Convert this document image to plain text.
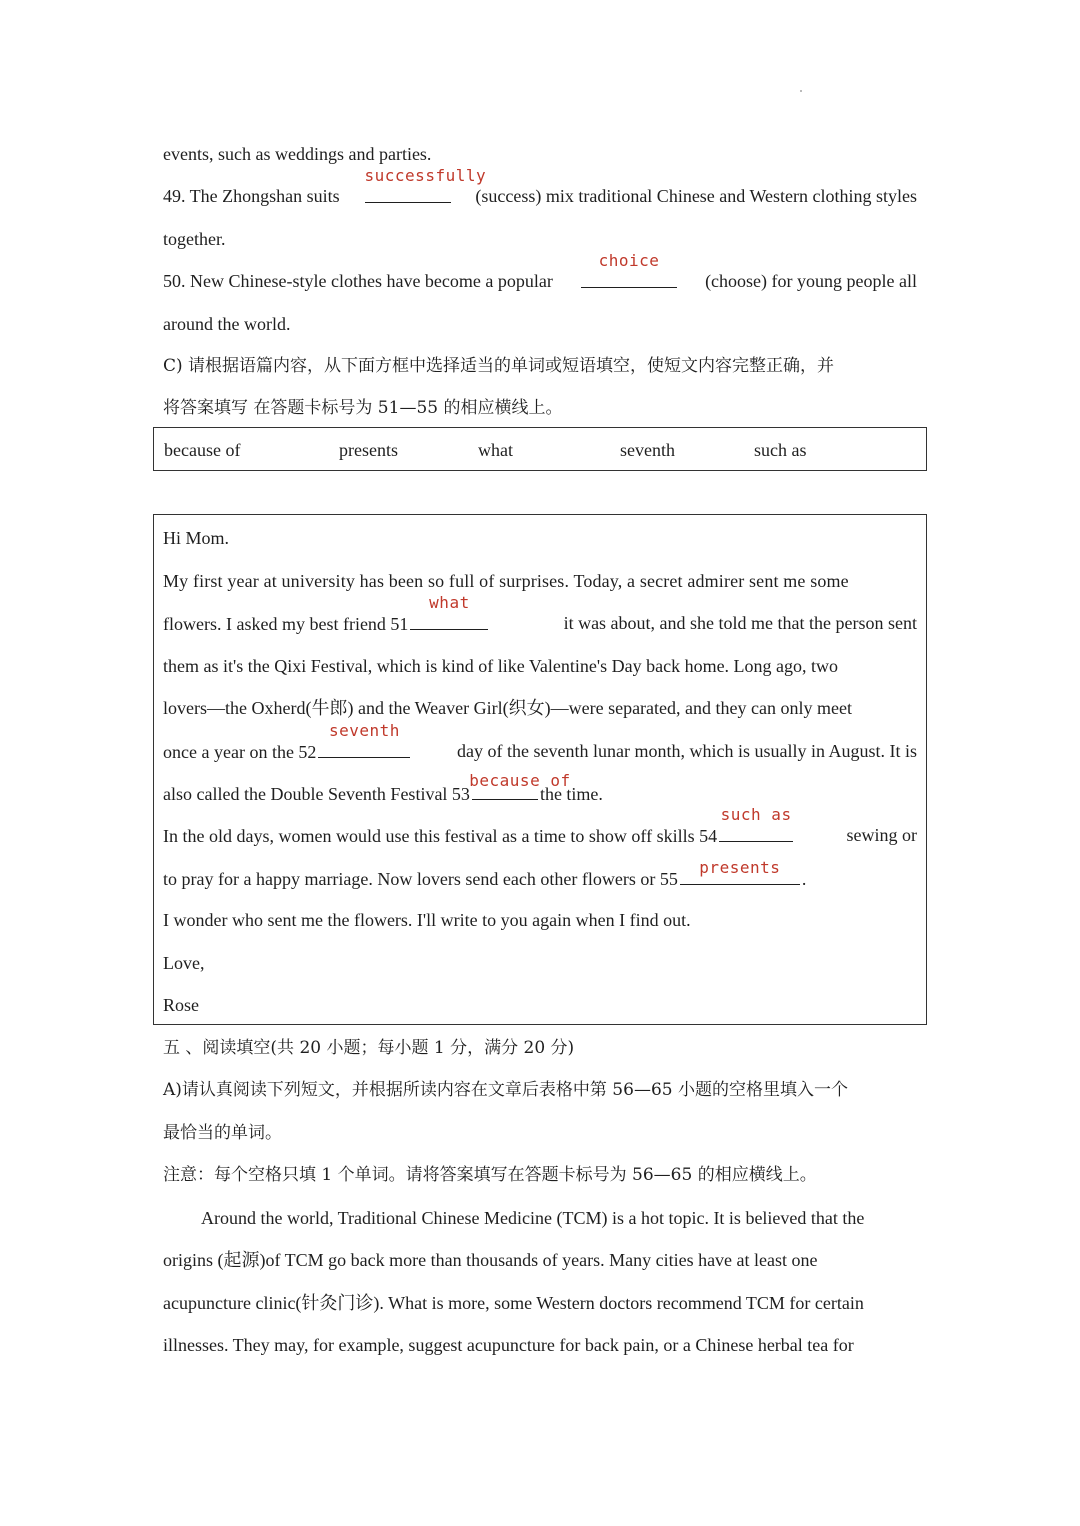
events, such as weddings and parties.
49. The Zhongshan suits
successfully
(success) mix traditional Chinese and Western clothing styles
together.
50. New Chinese-style clothes have become a popular
choice
(choose) for young people all
around the world.
C) 请根据语篇内容，从下面方框中选择适当的单词或短语填空，使短文内容完整正确，并
将答案填写 在答题卡标号为 51—55 的相应横线上。
because of	presents	what	seventh	such as
Hi Mom.
My first year at university has been so full of surprises. Today, a secret admirer sent me some
flowers. I asked my best friend 51
what
it was about, and she told me that the person sent
them as it's the Qixi Festival, which is kind of like Valentine's Day back home. Long ago, two
lovers—the Oxherd(牛郎) and the Weaver Girl(织女)—were separated, and they can only meet
once a year on the 52
seventh
day of the seventh lunar month, which is usually in August. It is
also called the Double Seventh Festival 53
because of
the time.
In the old days, women would use this festival as a time to show off skills 54
such as
sewing or
to pray for a happy marriage. Now lovers send each other flowers or 55
presents
.
I wonder who sent me the flowers. I'll write to you again when I find out.
Love,
Rose
五 、阅读填空(共 20 小题；每小题 1 分，满分 20 分)
A)请认真阅读下列短文，并根据所读内容在文章后表格中第 56—65 小题的空格里填入一个
最恰当的单词。
注意：每个空格只填 1 个单词。请将答案填写在答题卡标号为 56—65 的相应横线上。
Around the world, Traditional Chinese Medicine (TCM) is a hot topic. It is believed that the
origins (起源)of TCM go back more than thousands of years. Many cities have at least one
acupuncture clinic(针灸门诊). What is more, some Western doctors recommend TCM for certain
illnesses. They may, for example, suggest acupuncture for back pain, or a Chinese herbal tea for
